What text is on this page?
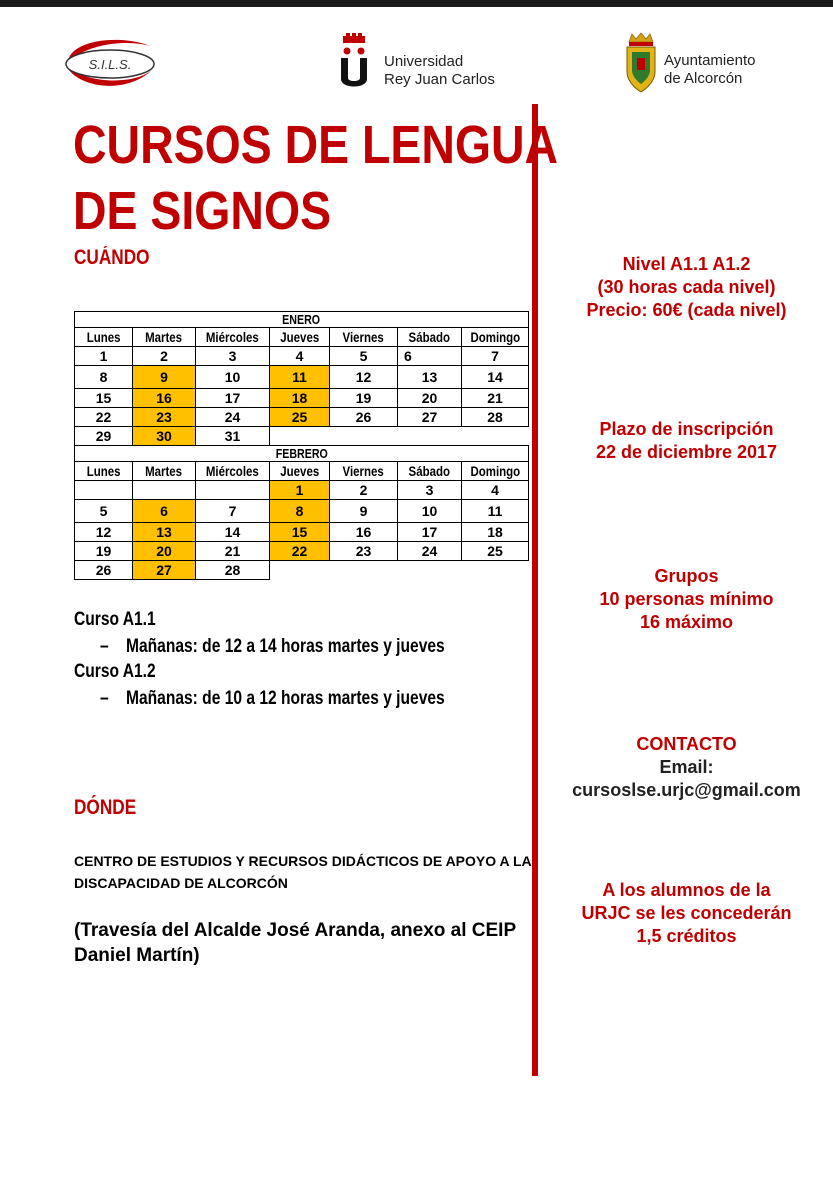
S.I.L.S.	Universidad
Rey Juan Carlos
Ayuntamiento
de Alcorcón
CURSOS DE LENGUA
DE SIGNOS
CUÁNDO
ENERO						
Lunes	Martes	Miércoles	Jueves	Viernes	Sábado	Domingo
1	2	3	4	5	6	7
8	9	10	11	12	13	14
15	16	17	18	19	20	21
22	23	24	25	26	27	28
29	30	31				
FEBRERO						
Lunes	Martes	Miércoles	Jueves	Viernes	Sábado	Domingo
			1	2	3	4
5	6	7	8	9	10	11
12	13	14	15	16	17	18
19	20	21	22	23	24	25
26	27	28				
Curso A1.1
– Mañanas: de 12 a 14 horas martes y jueves
Curso A1.2
– Mañanas: de 10 a 12 horas martes y jueves
DÓNDE
CENTRO DE ESTUDIOS Y RECURSOS DIDÁCTICOS DE APOYO A LA DISCAPACIDAD DE ALCORCÓN
(Travesía del Alcalde José Aranda, anexo al CEIP Daniel Martín)
Nivel A1.1 A1.2
(30 horas cada nivel)
Precio: 60€ (cada nivel)
Plazo de inscripción
22 de diciembre 2017
Grupos
10 personas mínimo
16 máximo
CONTACTO
Email:
cursoslse.urjc@gmail.com
A los alumnos de la
URJC se les concederán
1,5 créditos
